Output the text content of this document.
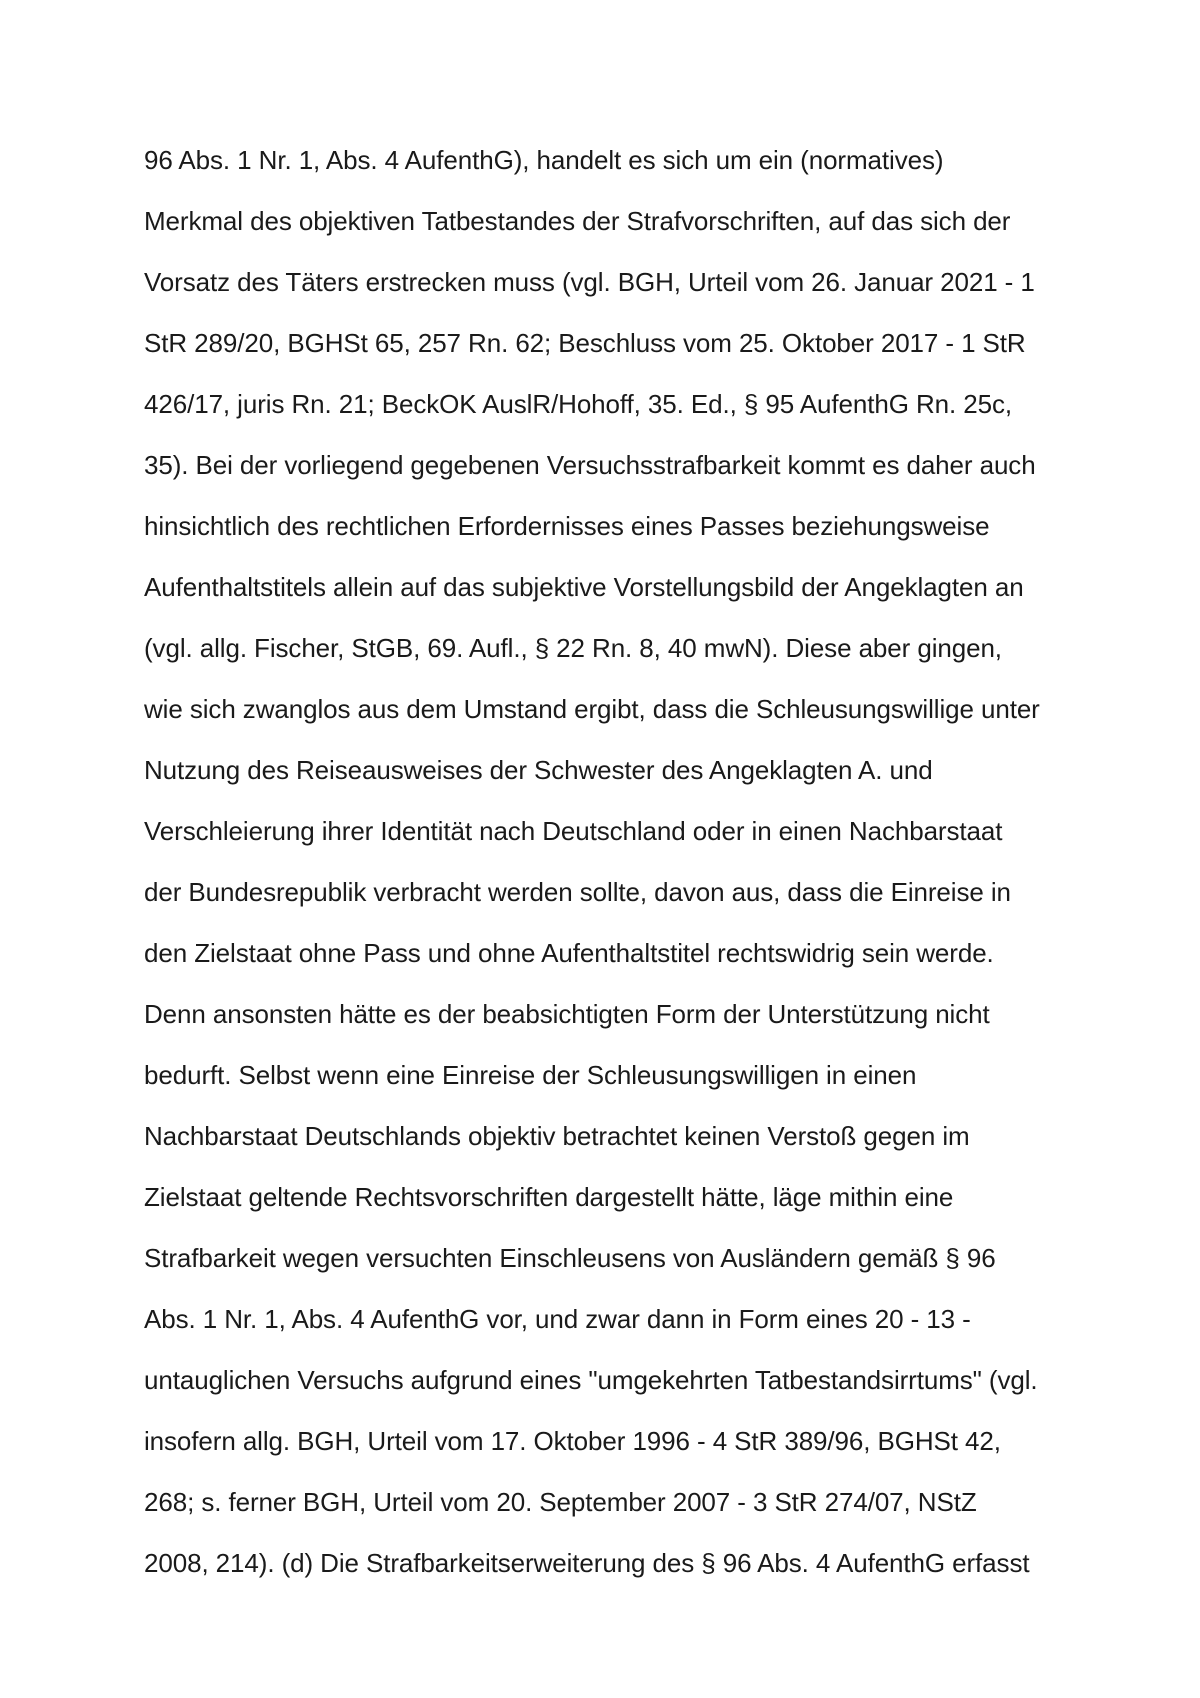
96 Abs. 1 Nr. 1, Abs. 4 AufenthG), handelt es sich um ein (normatives)
Merkmal des objektiven Tatbestandes der Strafvorschriften, auf das sich der
Vorsatz des Täters erstrecken muss (vgl. BGH, Urteil vom 26. Januar 2021 - 1
StR 289/20, BGHSt 65, 257 Rn. 62; Beschluss vom 25. Oktober 2017 - 1 StR
426/17, juris Rn. 21; BeckOK AuslR/Hohoff, 35. Ed., § 95 AufenthG Rn. 25c,
35). Bei der vorliegend gegebenen Versuchsstrafbarkeit kommt es daher auch
hinsichtlich des rechtlichen Erfordernisses eines Passes beziehungsweise
Aufenthaltstitels allein auf das subjektive Vorstellungsbild der Angeklagten an
(vgl. allg. Fischer, StGB, 69. Aufl., § 22 Rn. 8, 40 mwN). Diese aber gingen,
wie sich zwanglos aus dem Umstand ergibt, dass die Schleusungswillige unter
Nutzung des Reiseausweises der Schwester des Angeklagten A. und
Verschleierung ihrer Identität nach Deutschland oder in einen Nachbarstaat
der Bundesrepublik verbracht werden sollte, davon aus, dass die Einreise in
den Zielstaat ohne Pass und ohne Aufenthaltstitel rechtswidrig sein werde.
Denn ansonsten hätte es der beabsichtigten Form der Unterstützung nicht
bedurft. Selbst wenn eine Einreise der Schleusungswilligen in einen
Nachbarstaat Deutschlands objektiv betrachtet keinen Verstoß gegen im
Zielstaat geltende Rechtsvorschriften dargestellt hätte, läge mithin eine
Strafbarkeit wegen versuchten Einschleusens von Ausländern gemäß § 96
Abs. 1 Nr. 1, Abs. 4 AufenthG vor, und zwar dann in Form eines 20 - 13 -
untauglichen Versuchs aufgrund eines "umgekehrten Tatbestandsirrtums" (vgl.
insofern allg. BGH, Urteil vom 17. Oktober 1996 - 4 StR 389/96, BGHSt 42,
268; s. ferner BGH, Urteil vom 20. September 2007 - 3 StR 274/07, NStZ
2008, 214). (d) Die Strafbarkeitserweiterung des § 96 Abs. 4 AufenthG erfasst
